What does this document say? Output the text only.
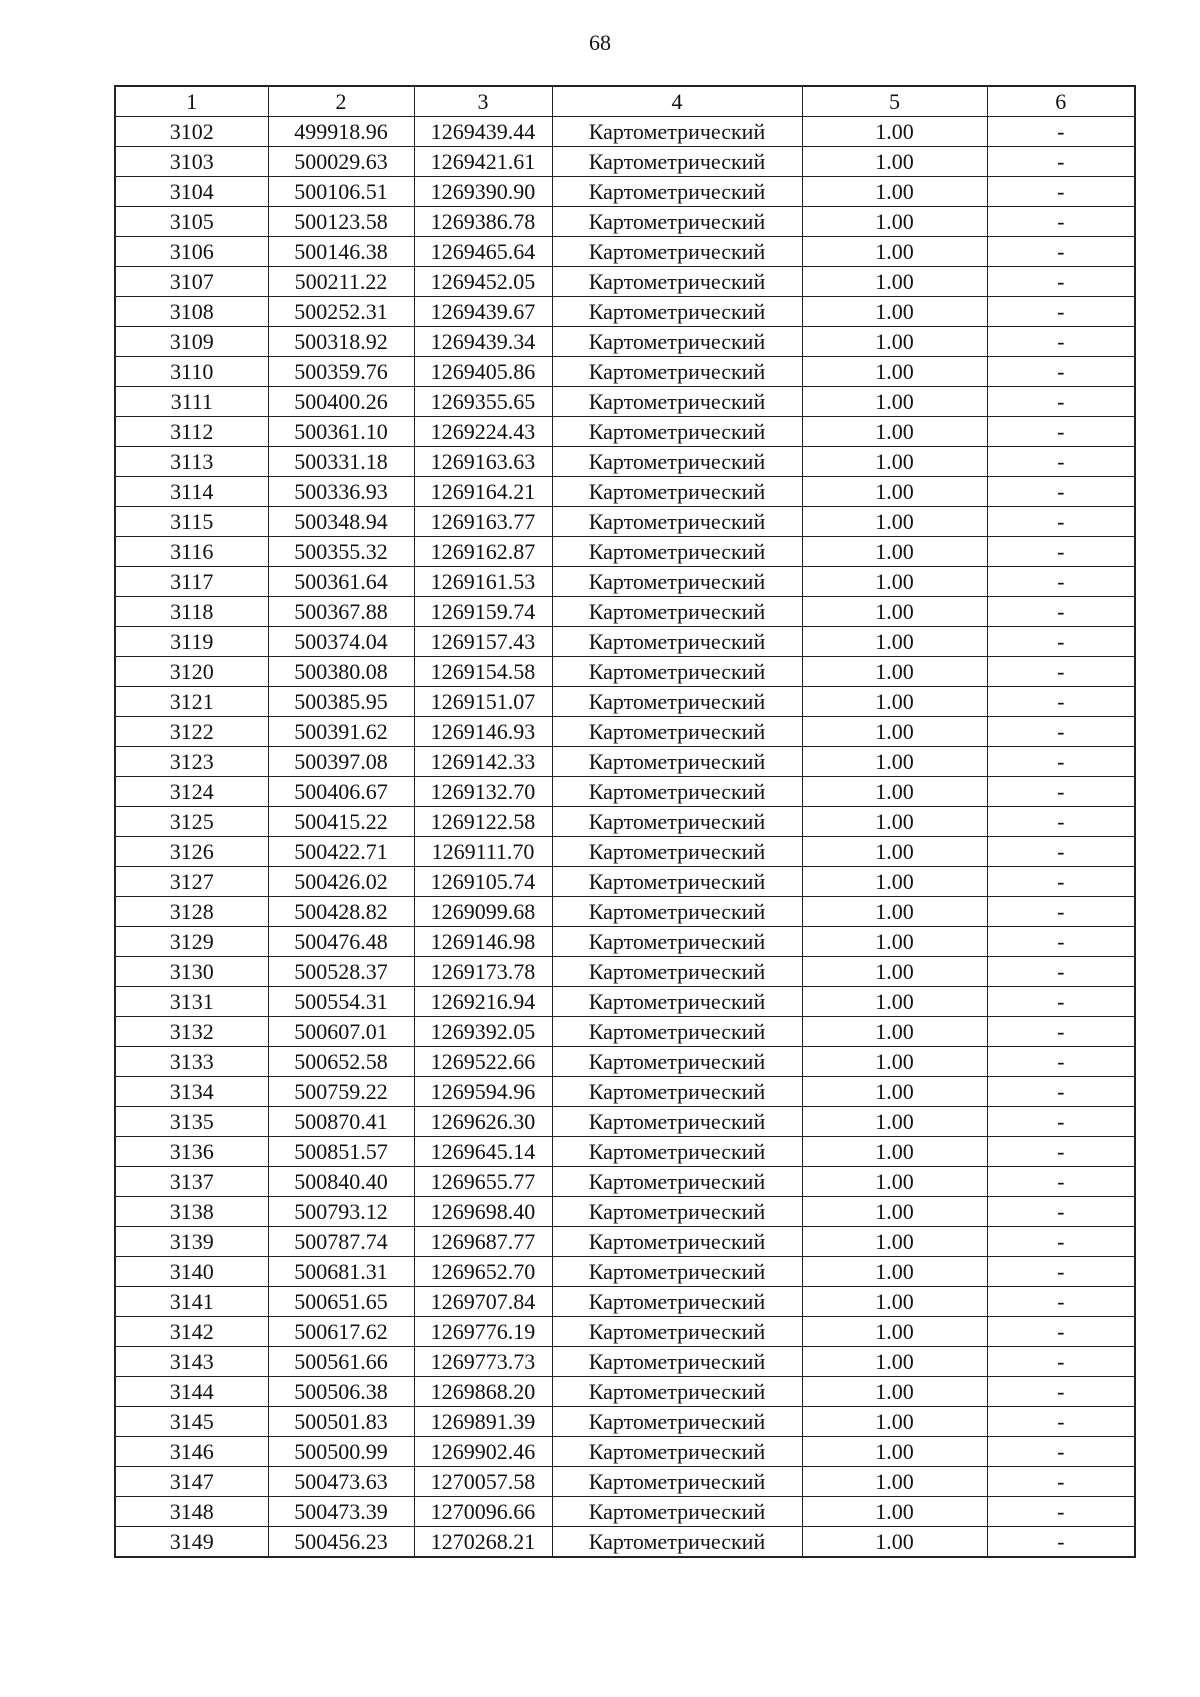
68
1	2	3	4	5	6
3102	499918.96	1269439.44	Картометрический	1.00	-
3103	500029.63	1269421.61	Картометрический	1.00	-
3104	500106.51	1269390.90	Картометрический	1.00	-
3105	500123.58	1269386.78	Картометрический	1.00	-
3106	500146.38	1269465.64	Картометрический	1.00	-
3107	500211.22	1269452.05	Картометрический	1.00	-
3108	500252.31	1269439.67	Картометрический	1.00	-
3109	500318.92	1269439.34	Картометрический	1.00	-
3110	500359.76	1269405.86	Картометрический	1.00	-
3111	500400.26	1269355.65	Картометрический	1.00	-
3112	500361.10	1269224.43	Картометрический	1.00	-
3113	500331.18	1269163.63	Картометрический	1.00	-
3114	500336.93	1269164.21	Картометрический	1.00	-
3115	500348.94	1269163.77	Картометрический	1.00	-
3116	500355.32	1269162.87	Картометрический	1.00	-
3117	500361.64	1269161.53	Картометрический	1.00	-
3118	500367.88	1269159.74	Картометрический	1.00	-
3119	500374.04	1269157.43	Картометрический	1.00	-
3120	500380.08	1269154.58	Картометрический	1.00	-
3121	500385.95	1269151.07	Картометрический	1.00	-
3122	500391.62	1269146.93	Картометрический	1.00	-
3123	500397.08	1269142.33	Картометрический	1.00	-
3124	500406.67	1269132.70	Картометрический	1.00	-
3125	500415.22	1269122.58	Картометрический	1.00	-
3126	500422.71	1269111.70	Картометрический	1.00	-
3127	500426.02	1269105.74	Картометрический	1.00	-
3128	500428.82	1269099.68	Картометрический	1.00	-
3129	500476.48	1269146.98	Картометрический	1.00	-
3130	500528.37	1269173.78	Картометрический	1.00	-
3131	500554.31	1269216.94	Картометрический	1.00	-
3132	500607.01	1269392.05	Картометрический	1.00	-
3133	500652.58	1269522.66	Картометрический	1.00	-
3134	500759.22	1269594.96	Картометрический	1.00	-
3135	500870.41	1269626.30	Картометрический	1.00	-
3136	500851.57	1269645.14	Картометрический	1.00	-
3137	500840.40	1269655.77	Картометрический	1.00	-
3138	500793.12	1269698.40	Картометрический	1.00	-
3139	500787.74	1269687.77	Картометрический	1.00	-
3140	500681.31	1269652.70	Картометрический	1.00	-
3141	500651.65	1269707.84	Картометрический	1.00	-
3142	500617.62	1269776.19	Картометрический	1.00	-
3143	500561.66	1269773.73	Картометрический	1.00	-
3144	500506.38	1269868.20	Картометрический	1.00	-
3145	500501.83	1269891.39	Картометрический	1.00	-
3146	500500.99	1269902.46	Картометрический	1.00	-
3147	500473.63	1270057.58	Картометрический	1.00	-
3148	500473.39	1270096.66	Картометрический	1.00	-
3149	500456.23	1270268.21	Картометрический	1.00	-
